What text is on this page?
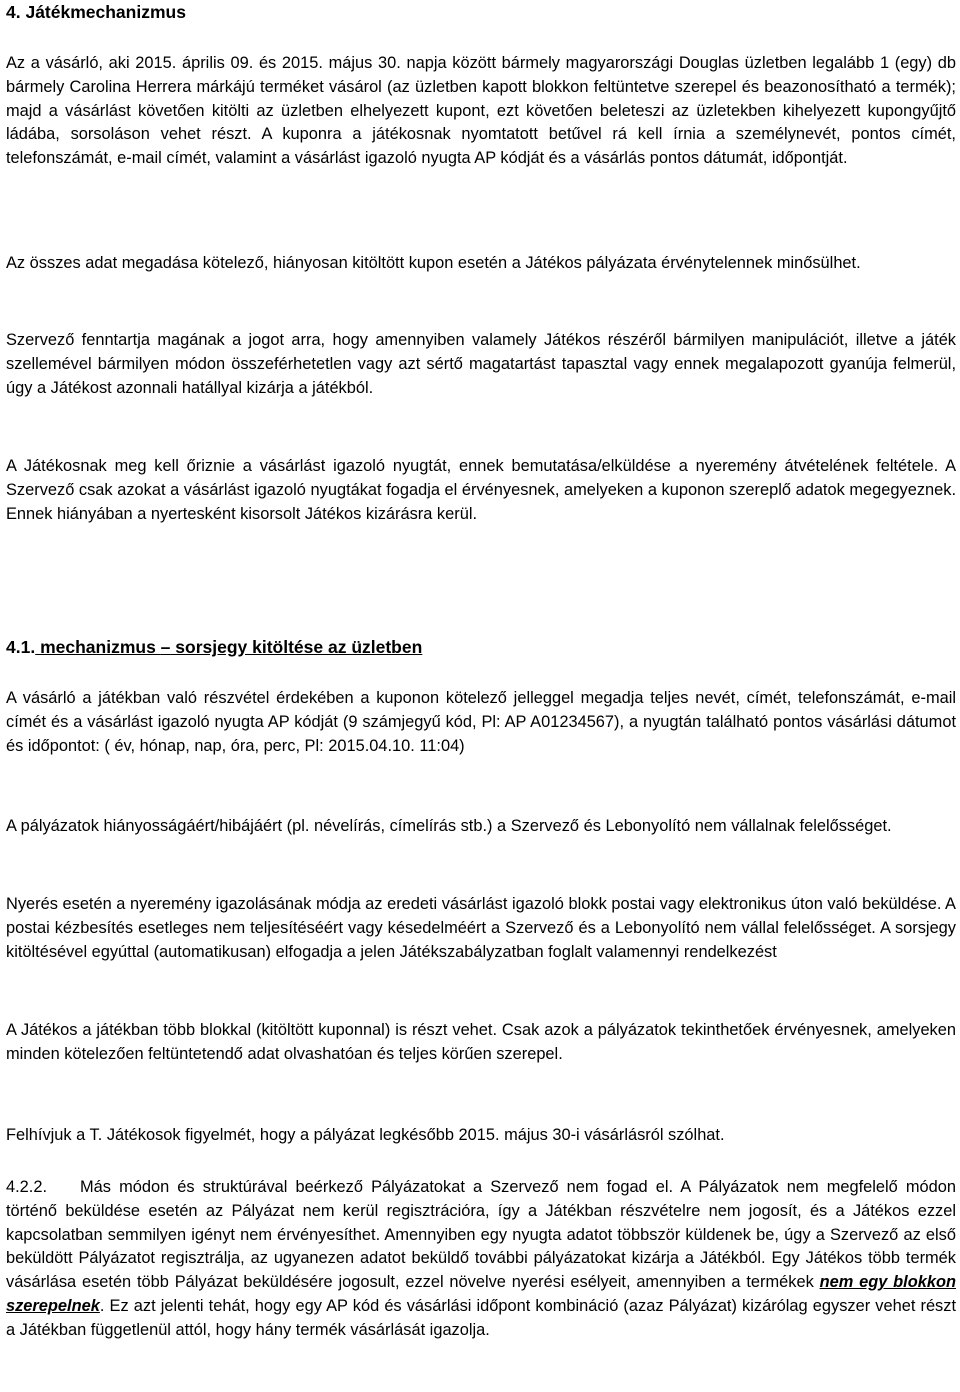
4. Játékmechanizmus

Az a vásárló, aki 2015. április 09. és 2015. május 30. napja között bármely magyarországi Douglas üzletben legalább 1 (egy) db bármely Carolina Herrera márkájú terméket vásárol (az üzletben kapott blokkon feltüntetve szerepel és beazonosítható a termék); majd a vásárlást követően kitölti az üzletben elhelyezett kupont, ezt követően beleteszi az üzletekben kihelyezett kupongyűjtő ládába, sorsoláson vehet részt. A kuponra a játékosnak nyomtatott betűvel rá kell írnia a személynevét, pontos címét, telefonszámát, e-mail címét, valamint a vásárlást igazoló nyugta AP kódját és a vásárlás pontos dátumát, időpontját.

Az összes adat megadása kötelező, hiányosan kitöltött kupon esetén a Játékos pályázata érvénytelennek minősülhet.

Szervező fenntartja magának a jogot arra, hogy amennyiben valamely Játékos részéről bármilyen manipulációt, illetve a játék szellemével bármilyen módon összeférhetetlen vagy azt sértő magatartást tapasztal vagy ennek megalapozott gyanúja felmerül, úgy a Játékost azonnali hatállyal kizárja a játékból.

A Játékosnak meg kell őriznie a vásárlást igazoló nyugtát, ennek bemutatása/elküldése a nyeremény átvételének feltétele. A Szervező csak azokat a vásárlást igazoló nyugtákat fogadja el érvényesnek, amelyeken a kuponon szereplő adatok megegyeznek. Ennek hiányában a nyertesként kisorsolt Játékos kizárásra kerül.

4.1. mechanizmus – sorsjegy kitöltése az üzletben

A vásárló a játékban való részvétel érdekében a kuponon kötelező jelleggel megadja teljes nevét, címét, telefonszámát, e-mail címét és a vásárlást igazoló nyugta AP kódját (9 számjegyű kód, Pl: AP A01234567), a nyugtán található pontos vásárlási dátumot és időpontot: ( év, hónap, nap, óra, perc, Pl: 2015.04.10. 11:04)

A pályázatok hiányosságáért/hibájáért (pl. névelírás, címelírás stb.) a Szervező és Lebonyolító nem vállalnak felelősséget.

Nyerés esetén a nyeremény igazolásának módja az eredeti vásárlást igazoló blokk postai vagy elektronikus úton való beküldése. A postai kézbesítés esetleges nem teljesítéséért vagy késedelméért a Szervező és a Lebonyolító nem vállal felelősséget. A sorsjegy kitöltésével egyúttal (automatikusan) elfogadja a jelen Játékszabályzatban foglalt valamennyi rendelkezést

A Játékos a játékban több blokkal (kitöltött kuponnal) is részt vehet. Csak azok a pályázatok tekinthetőek érvényesnek, amelyeken minden kötelezően feltüntetendő adat olvashatóan és teljes körűen szerepel.

Felhívjuk a T. Játékosok figyelmét, hogy a pályázat legkésőbb 2015. május 30-i vásárlásról szólhat.

4.2.2. Más módon és struktúrával beérkező Pályázatokat a Szervező nem fogad el. A Pályázatok nem megfelelő módon történő beküldése esetén az Pályázat nem kerül regisztrációra, így a Játékban részvételre nem jogosít, és a Játékos ezzel kapcsolatban semmilyen igényt nem érvényesíthet. Amennyiben egy nyugta adatot többször küldenek be, úgy a Szervező az első beküldött Pályázatot regisztrálja, az ugyanezen adatot beküldő további pályázatokat kizárja a Játékból. Egy Játékos több termék vásárlása esetén több Pályázat beküldésére jogosult, ezzel növelve nyerési esélyeit, amennyiben a termékek nem egy blokkon szerepelnek. Ez azt jelenti tehát, hogy egy AP kód és vásárlási időpont kombináció (azaz Pályázat) kizárólag egyszer vehet részt a Játékban függetlenül attól, hogy hány termék vásárlását igazolja.
